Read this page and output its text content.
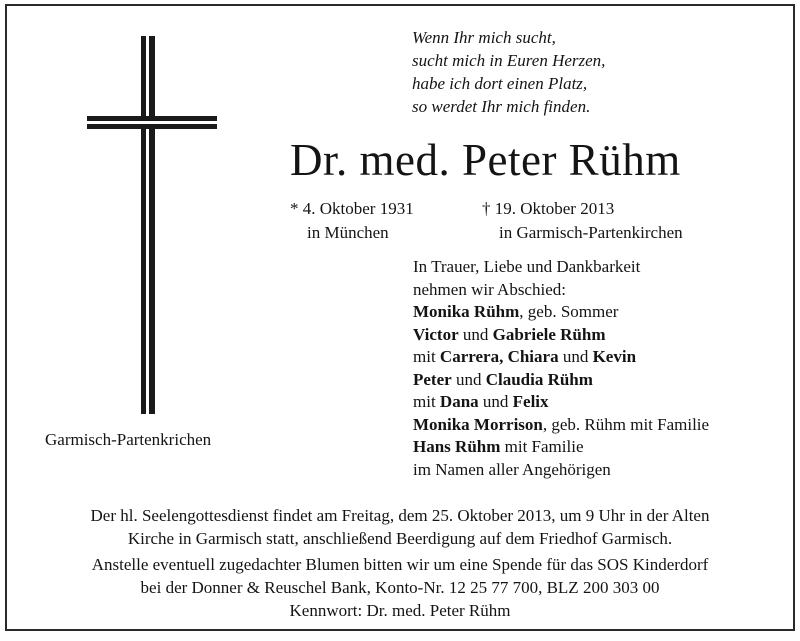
Garmisch-Partenkrichen
Wenn Ihr mich sucht,
sucht mich in Euren Herzen,
habe ich dort einen Platz,
so werdet Ihr mich finden.
Dr. med. Peter Rühm
* 4. Oktober 1931
in München
† 19. Oktober 2013
in Garmisch-Partenkirchen
In Trauer, Liebe und Dankbarkeit
nehmen wir Abschied:
Monika Rühm, geb. Sommer
Victor und Gabriele Rühm
mit Carrera, Chiara und Kevin
Peter und Claudia Rühm
mit Dana und Felix
Monika Morrison, geb. Rühm mit Familie
Hans Rühm mit Familie
im Namen aller Angehörigen
Der hl. Seelengottesdienst findet am Freitag, dem 25. Oktober 2013, um 9 Uhr in der Alten
Kirche in Garmisch statt, anschließend Beerdigung auf dem Friedhof Garmisch.
Anstelle eventuell zugedachter Blumen bitten wir um eine Spende für das SOS Kinderdorf
bei der Donner & Reuschel Bank, Konto-Nr. 12 25 77 700, BLZ 200 303 00
Kennwort: Dr. med. Peter Rühm
